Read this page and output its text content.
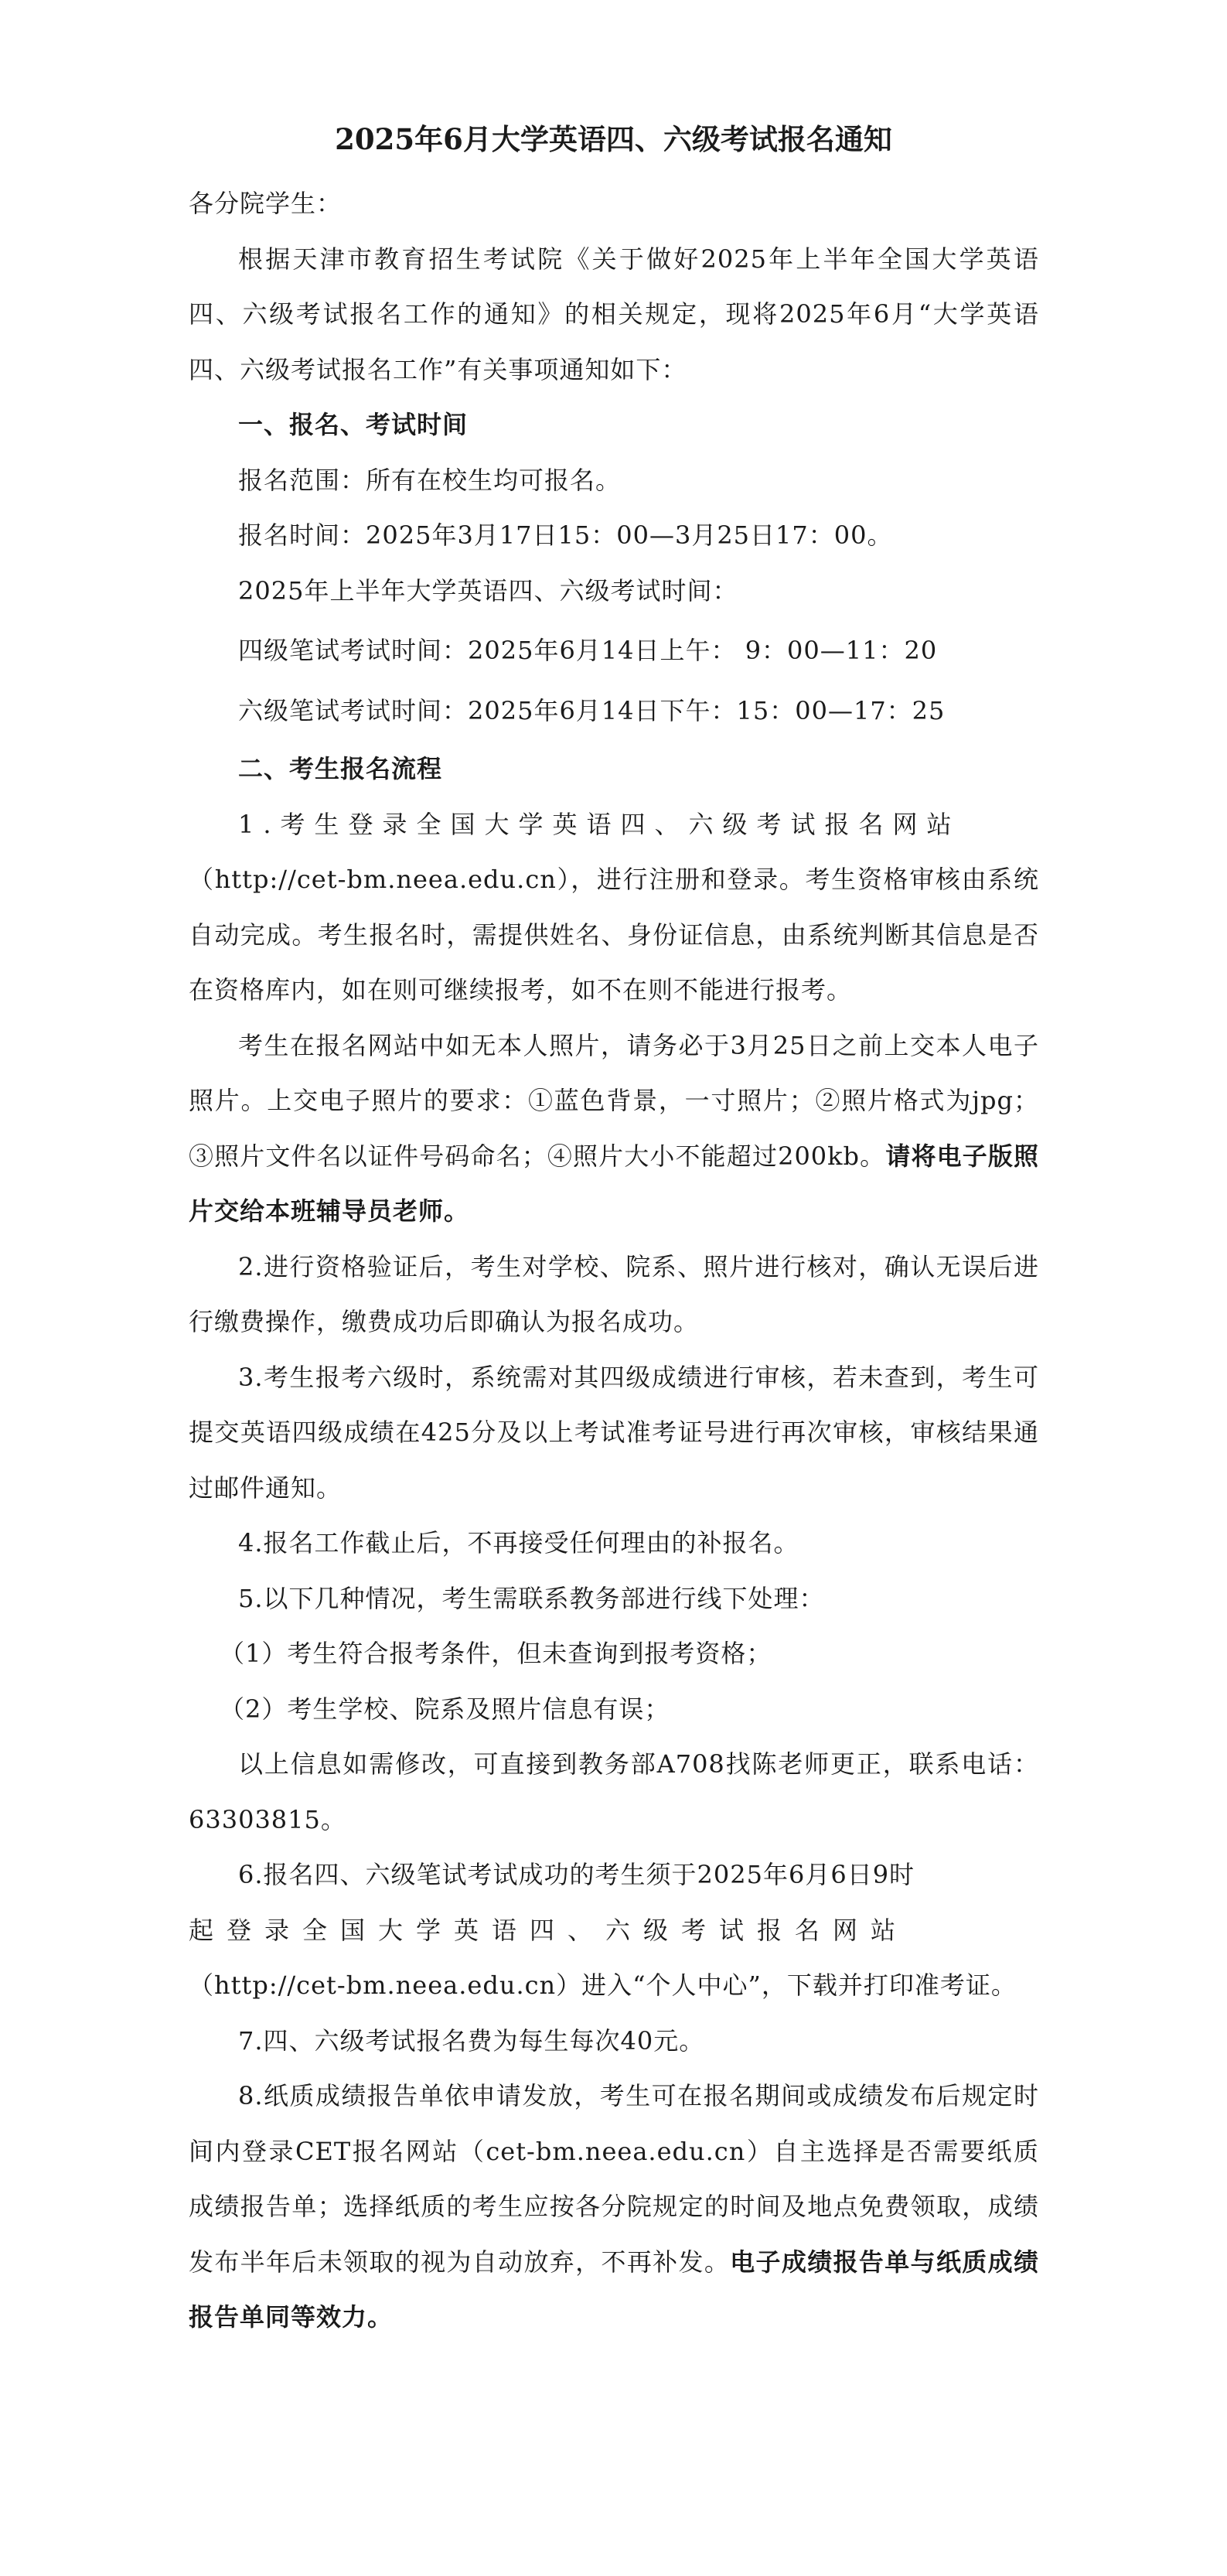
2025年6月大学英语四、六级考试报名通知

各分院学生：

根据天津市教育招生考试院《关于做好2025年上半年全国大学英语四、六级考试报名工作的通知》的相关规定，现将2025年6月“大学英语四、六级考试报名工作”有关事项通知如下：

一、报名、考试时间

报名范围：所有在校生均可报名。

报名时间：2025年3月17日15：00—3月25日17：00。

2025年上半年大学英语四、六级考试时间：

四级笔试考试时间：2025年6月14日上午： 9：00—11：20

六级笔试考试时间：2025年6月14日下午：15：00—17：25

二、考生报名流程

1.考生登录全国大学英语四、六级考试报名网站

（http://cet-bm.neea.edu.cn），进行注册和登录。考生资格审核由系统自动完成。考生报名时，需提供姓名、身份证信息，由系统判断其信息是否在资格库内，如在则可继续报考，如不在则不能进行报考。

考生在报名网站中如无本人照片，请务必于3月25日之前上交本人电子照片。上交电子照片的要求：①蓝色背景，一寸照片；②照片格式为jpg；③照片文件名以证件号码命名；④照片大小不能超过200kb。请将电子版照片交给本班辅导员老师。

2.进行资格验证后，考生对学校、院系、照片进行核对，确认无误后进行缴费操作，缴费成功后即确认为报名成功。

3.考生报考六级时，系统需对其四级成绩进行审核，若未查到，考生可提交英语四级成绩在425分及以上考试准考证号进行再次审核，审核结果通过邮件通知。

4.报名工作截止后，不再接受任何理由的补报名。

5.以下几种情况，考生需联系教务部进行线下处理：

（1）考生符合报考条件，但未查询到报考资格；

（2）考生学校、院系及照片信息有误；

以上信息如需修改，可直接到教务部A708找陈老师更正，联系电话：63303815。

6.报名四、六级笔试考试成功的考生须于2025年6月6日9时

起登录全国大学英语四、六级考试报名网站

（http://cet-bm.neea.edu.cn）进入“个人中心”，下载并打印准考证。

7.四、六级考试报名费为每生每次40元。

8.纸质成绩报告单依申请发放，考生可在报名期间或成绩发布后规定时间内登录CET报名网站（cet-bm.neea.edu.cn）自主选择是否需要纸质成绩报告单；选择纸质的考生应按各分院规定的时间及地点免费领取，成绩发布半年后未领取的视为自动放弃，不再补发。电子成绩报告单与纸质成绩报告单同等效力。
